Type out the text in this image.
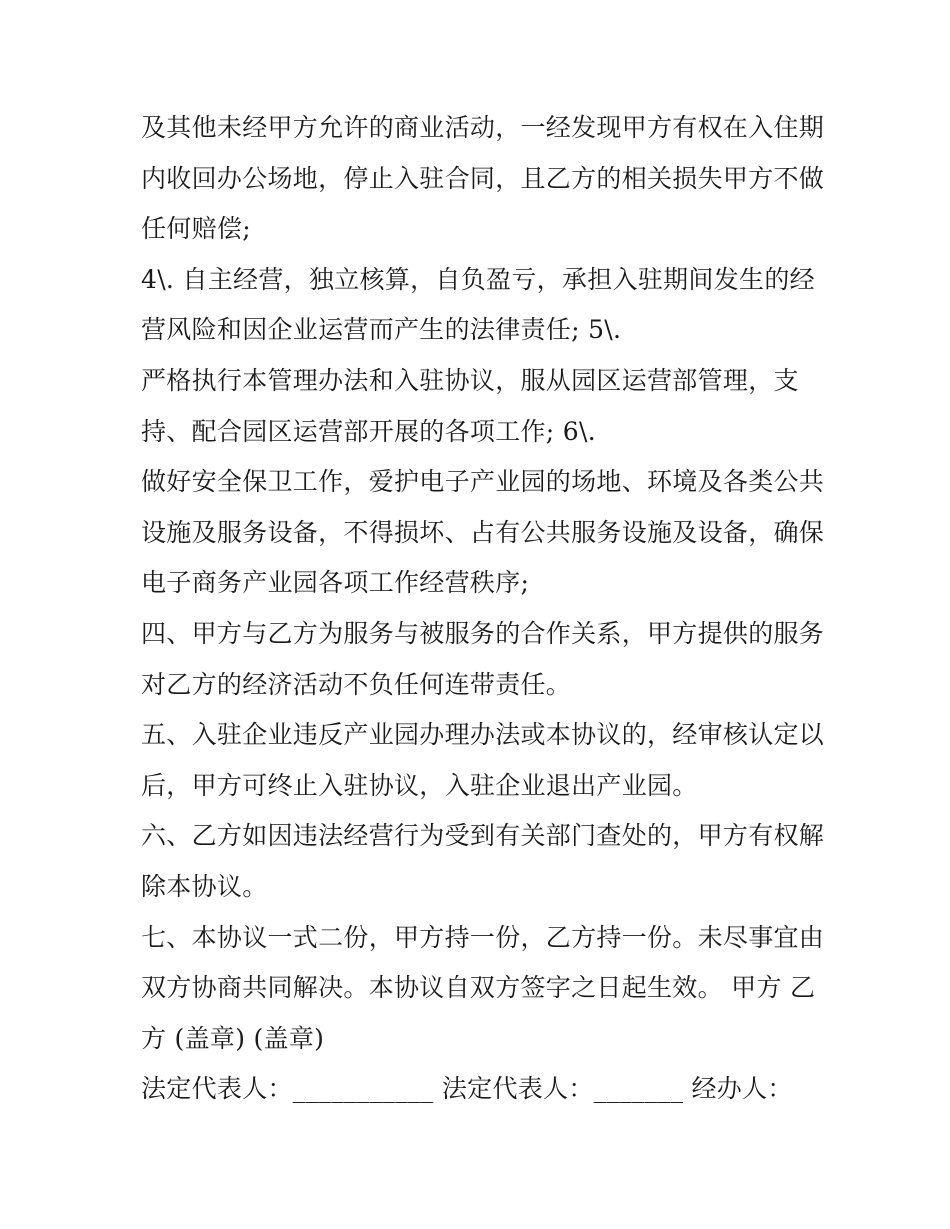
及其他未经甲方允许的商业活动，一经发现甲方有权在入住期
内收回办公场地，停止入驻合同，且乙方的相关损失甲方不做
任何赔偿;
4\. 自主经营，独立核算，自负盈亏，承担入驻期间发生的经
营风险和因企业运营而产生的法律责任; 5\.
严格执行本管理办法和入驻协议，服从园区运营部管理，支
持、配合园区运营部开展的各项工作; 6\.
做好安全保卫工作，爱护电子产业园的场地、环境及各类公共
设施及服务设备，不得损坏、占有公共服务设施及设备，确保
电子商务产业园各项工作经营秩序;
四、甲方与乙方为服务与被服务的合作关系，甲方提供的服务
对乙方的经济活动不负任何连带责任。
五、入驻企业违反产业园办理办法或本协议的，经审核认定以
后，甲方可终止入驻协议，入驻企业退出产业园。
六、乙方如因违法经营行为受到有关部门查处的，甲方有权解
除本协议。
七、本协议一式二份，甲方持一份，乙方持一份。未尽事宜由
双方协商共同解决。本协议自双方签字之日起生效。 甲方 乙
方 (盖章) (盖章)
法定代表人：___________ 法定代表人：_______ 经办人：
